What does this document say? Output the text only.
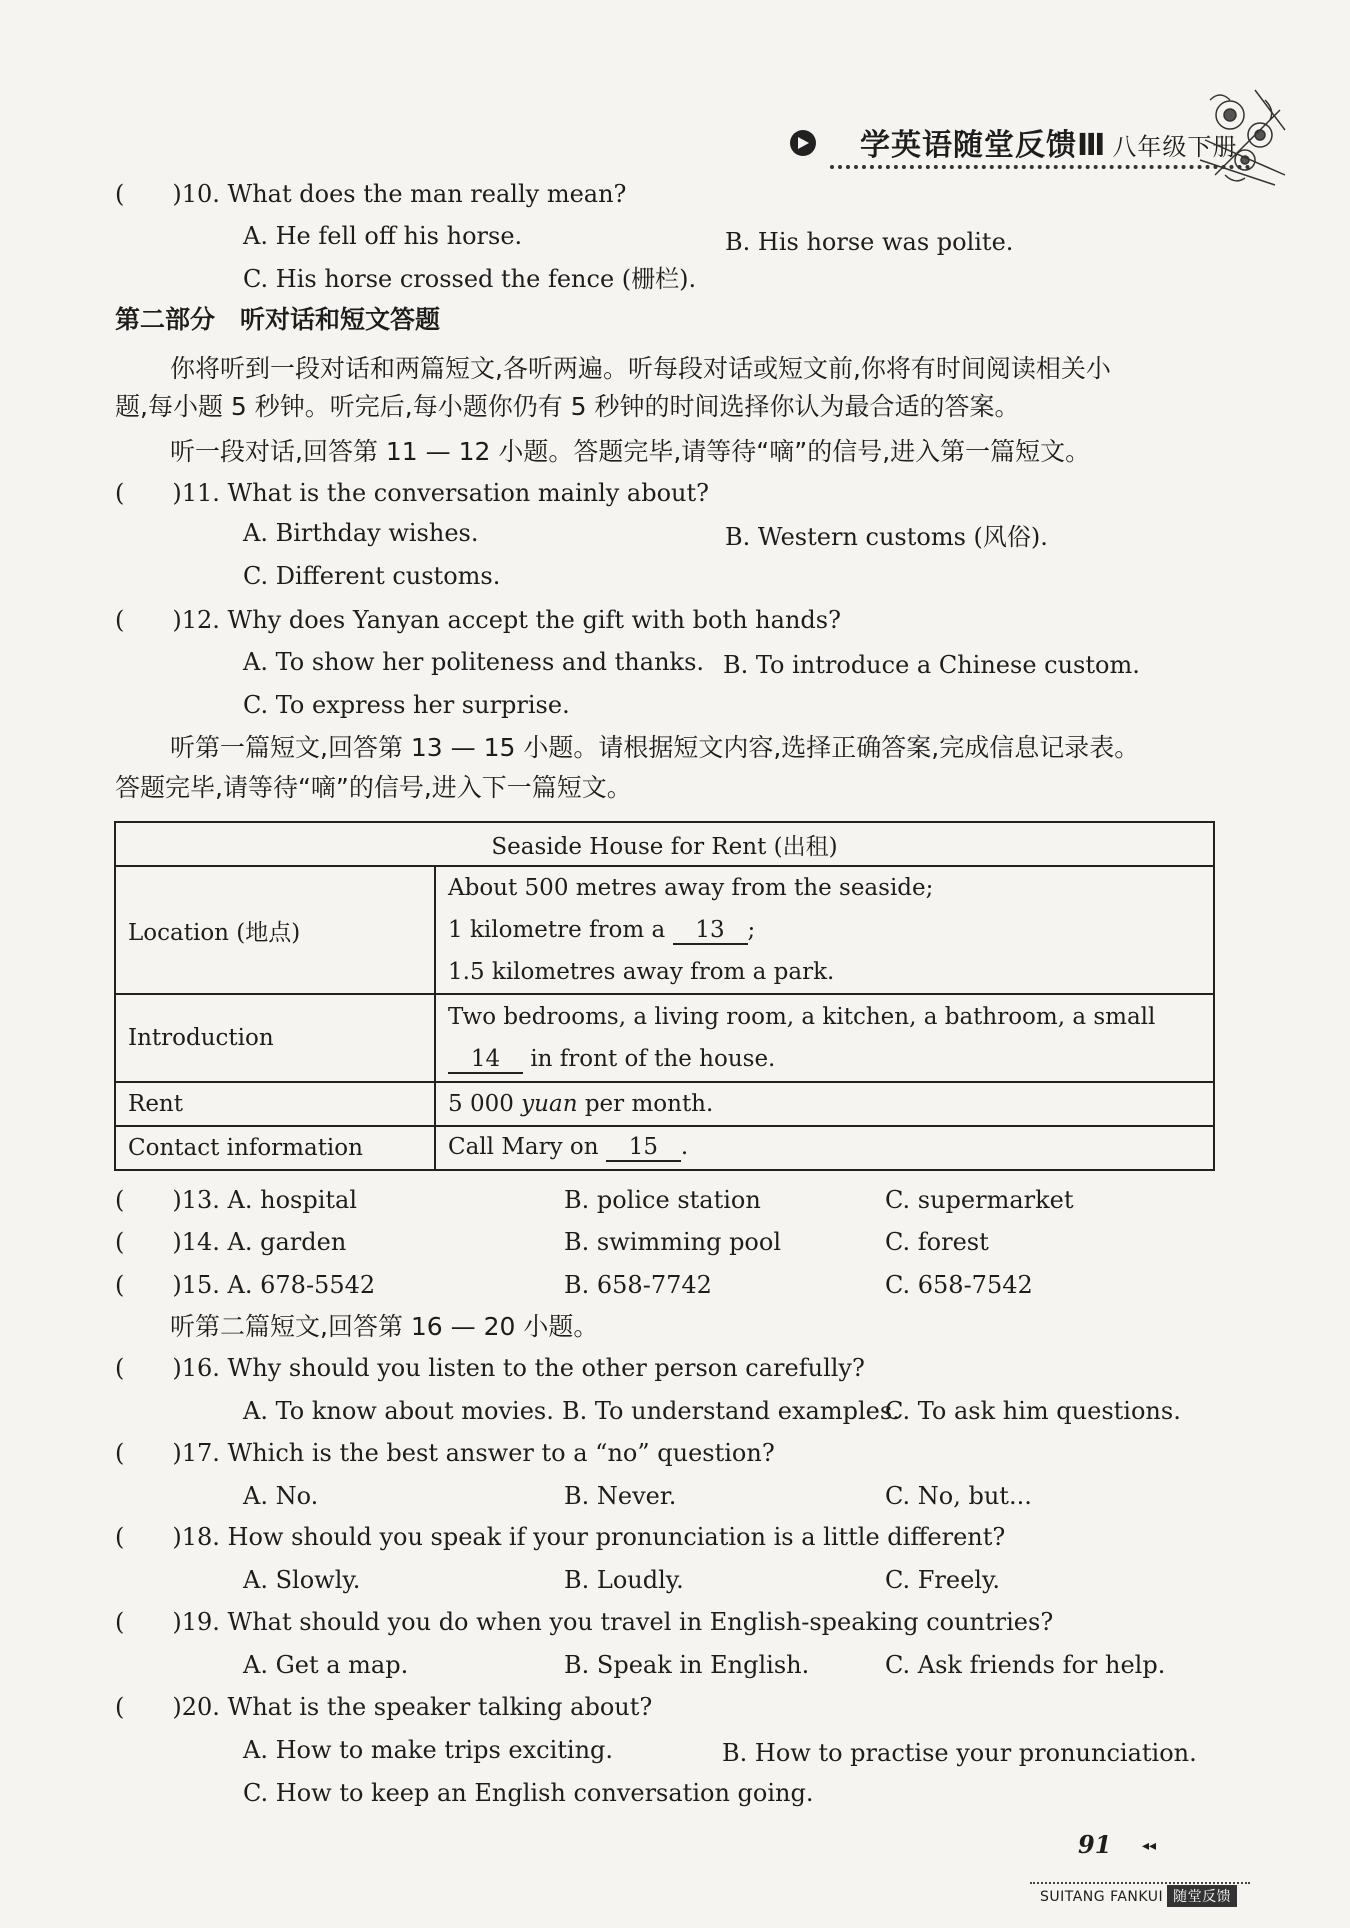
学英语随堂反馈Ⅲ 八年级下册
(　　)10. What does the man really mean?
A. He fell off his horse.	B. His horse was polite.
C. His horse crossed the fence (栅栏).
第二部分　听对话和短文答题
你将听到一段对话和两篇短文,各听两遍。听每段对话或短文前,你将有时间阅读相关小
题,每小题 5 秒钟。听完后,每小题你仍有 5 秒钟的时间选择你认为最合适的答案。
听一段对话,回答第 11 — 12 小题。答题完毕,请等待“嘀”的信号,进入第一篇短文。
(　　)11. What is the conversation mainly about?
A. Birthday wishes.	B. Western customs (风俗).
C. Different customs.
(　　)12. Why does Yanyan accept the gift with both hands?
A. To show her politeness and thanks. B. To introduce a Chinese custom.
C. To express her surprise.
听第一篇短文,回答第 13 — 15 小题。请根据短文内容,选择正确答案,完成信息记录表。
答题完毕,请等待“嘀”的信号,进入下一篇短文。
Seaside House for Rent (出租)	
Location (地点)	About 500 metres away from the seaside;
1 kilometre from a 13 ;
1.5 kilometres away from a park.

Introduction	Two bedrooms, a living room, a kitchen, a bathroom, a small
14 in front of the house.

Rent	5 000 yuan per month.
Contact information	Call Mary on 15 .
(　　)13. A. hospital	B. police station	C. supermarket
(　　)14. A. garden	B. swimming pool	C. forest
(　　)15. A. 678-5542	B. 658-7742	C. 658-7542
听第二篇短文,回答第 16 — 20 小题。
(　　)16. Why should you listen to the other person carefully?
A. To know about movies. B. To understand examples.
C. To ask him questions.
(　　)17. Which is the best answer to a “no” question?
A. No.	B. Never.	C. No, but...
(　　)18. How should you speak if your pronunciation is a little different?
A. Slowly.	B. Loudly.	C. Freely.
(　　)19. What should you do when you travel in English-speaking countries?
A. Get a map.	B. Speak in English.	C. Ask friends for help.
(　　)20. What is the speaker talking about?
A. How to make trips exciting.	B. How to practise your pronunciation.
C. How to keep an English conversation going.
91 ◂◂
SUITANG FANKUI 随堂反馈
